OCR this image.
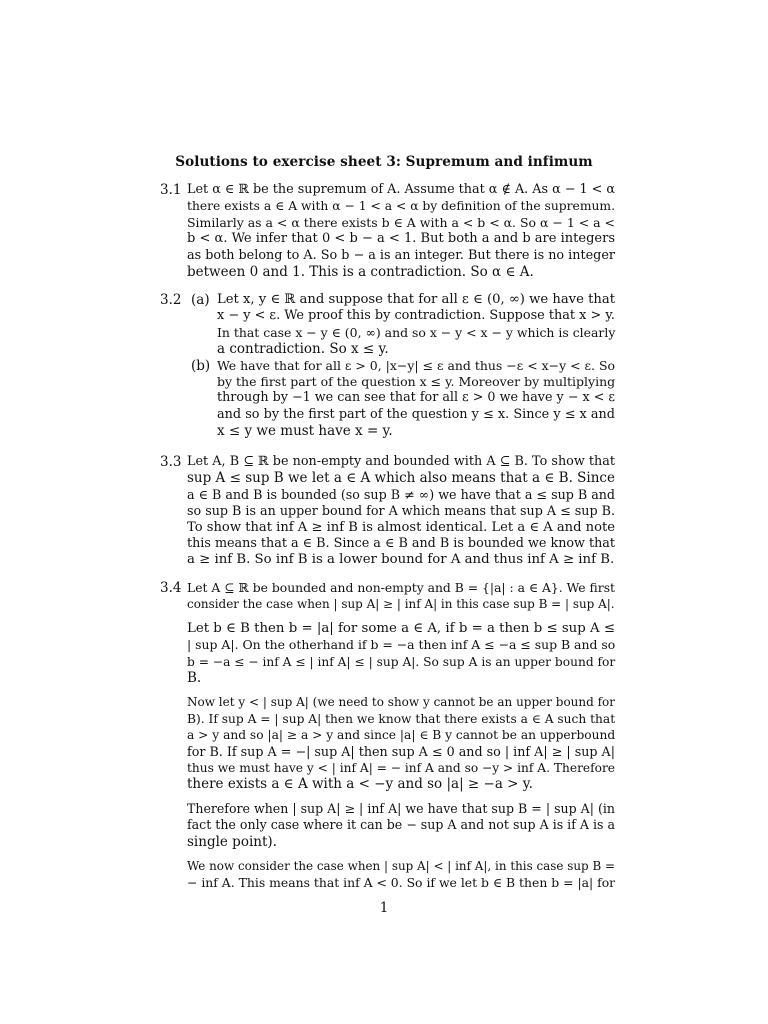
Solutions to exercise sheet 3: Supremum and infimum
3.1 Let α ∈ ℝ be the supremum of A. Assume that α ∉ A. As α − 1 < α
there exists a ∈ A with α − 1 < a < α by definition of the supremum.
Similarly as a < α there exists b ∈ A with a < b < α. So α − 1 < a <
b < α. We infer that 0 < b − a < 1. But both a and b are integers
as both belong to A. So b − a is an integer. But there is no integer
between 0 and 1. This is a contradiction. So α ∈ A.
3.2 (a) Let x, y ∈ ℝ and suppose that for all ε ∈ (0, ∞) we have that
x − y < ε. We proof this by contradiction. Suppose that x > y.
In that case x − y ∈ (0, ∞) and so x − y < x − y which is clearly
a contradiction. So x ≤ y.
(b) We have that for all ε > 0, |x−y| ≤ ε and thus −ε < x−y < ε. So
by the first part of the question x ≤ y. Moreover by multiplying
through by −1 we can see that for all ε > 0 we have y − x < ε
and so by the first part of the question y ≤ x. Since y ≤ x and
x ≤ y we must have x = y.
3.3 Let A, B ⊆ ℝ be non-empty and bounded with A ⊆ B. To show that
sup A ≤ sup B we let a ∈ A which also means that a ∈ B. Since
a ∈ B and B is bounded (so sup B ≠ ∞) we have that a ≤ sup B and
so sup B is an upper bound for A which means that sup A ≤ sup B.
To show that inf A ≥ inf B is almost identical. Let a ∈ A and note
this means that a ∈ B. Since a ∈ B and B is bounded we know that
a ≥ inf B. So inf B is a lower bound for A and thus inf A ≥ inf B.
3.4 Let A ⊆ ℝ be bounded and non-empty and B = {|a| : a ∈ A}. We first
consider the case when | sup A| ≥ | inf A| in this case sup B = | sup A|.
Let b ∈ B then b = |a| for some a ∈ A, if b = a then b ≤ sup A ≤
| sup A|. On the otherhand if b = −a then inf A ≤ −a ≤ sup B and so
b = −a ≤ − inf A ≤ | inf A| ≤ | sup A|. So sup A is an upper bound for
B.
Now let y < | sup A| (we need to show y cannot be an upper bound for
B). If sup A = | sup A| then we know that there exists a ∈ A such that
a > y and so |a| ≥ a > y and since |a| ∈ B y cannot be an upperbound
for B. If sup A = −| sup A| then sup A ≤ 0 and so | inf A| ≥ | sup A|
thus we must have y < | inf A| = − inf A and so −y > inf A. Therefore
there exists a ∈ A with a < −y and so |a| ≥ −a > y.
Therefore when | sup A| ≥ | inf A| we have that sup B = | sup A| (in
fact the only case where it can be − sup A and not sup A is if A is a
single point).
We now consider the case when | sup A| < | inf A|, in this case sup B =
− inf A. This means that inf A < 0. So if we let b ∈ B then b = |a| for
1
